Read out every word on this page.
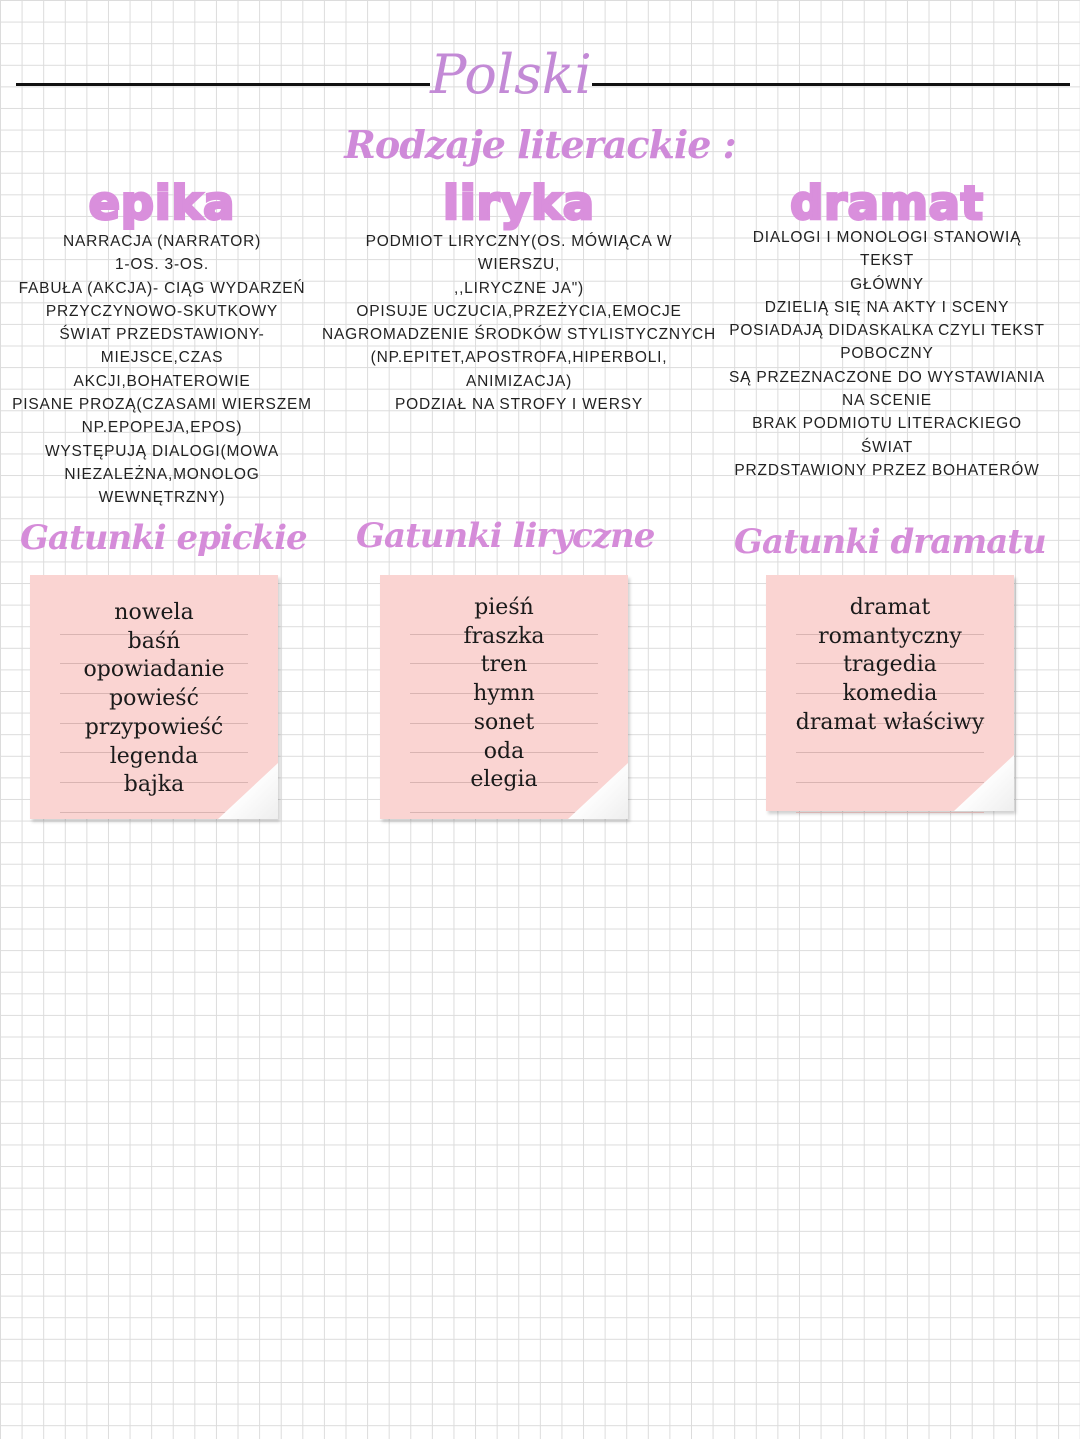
Polski
Rodzaje literackie :
epika
NARRACJA (NARRATOR)
1-OS. 3-OS.
FABUŁA (AKCJA)- CIĄG WYDARZEŃ
PRZYCZYNOWO-SKUTKOWY
ŚWIAT PRZEDSTAWIONY-MIEJSCE,CZAS
AKCJI,BOHATEROWIE
PISANE PROZĄ(CZASAMI WIERSZEM
NP.EPOPEJA,EPOS)
WYSTĘPUJĄ DIALOGI(MOWA
NIEZALEŻNA,MONOLOG WEWNĘTRZNY)
liryka
PODMIOT LIRYCZNY(OS. MÓWIĄCA W
WIERSZU,
,,LIRYCZNE JA")
OPISUJE UCZUCIA,PRZEŻYCIA,EMOCJE
NAGROMADZENIE ŚRODKÓW STYLISTYCZNYCH
(NP.EPITET,APOSTROFA,HIPERBOLI,
ANIMIZACJA)
PODZIAŁ NA STROFY I WERSY
dramat
DIALOGI I MONOLOGI STANOWIĄ TEKST
GŁÓWNY
DZIELIĄ SIĘ NA AKTY I SCENY
POSIADAJĄ DIDASKALKA CZYLI TEKST
POBOCZNY
SĄ PRZEZNACZONE DO WYSTAWIANIA
NA SCENIE
BRAK PODMIOTU LITERACKIEGO ŚWIAT
PRZDSTAWIONY PRZEZ BOHATERÓW
Gatunki epickie Gatunki liryczne Gatunki dramatu
nowela
baśń
opowiadanie
powieść
przypowieść
legenda
bajka
pieśń
fraszka
tren
hymn
sonet
oda
elegia
dramat
romantyczny
tragedia
komedia
dramat właściwy
